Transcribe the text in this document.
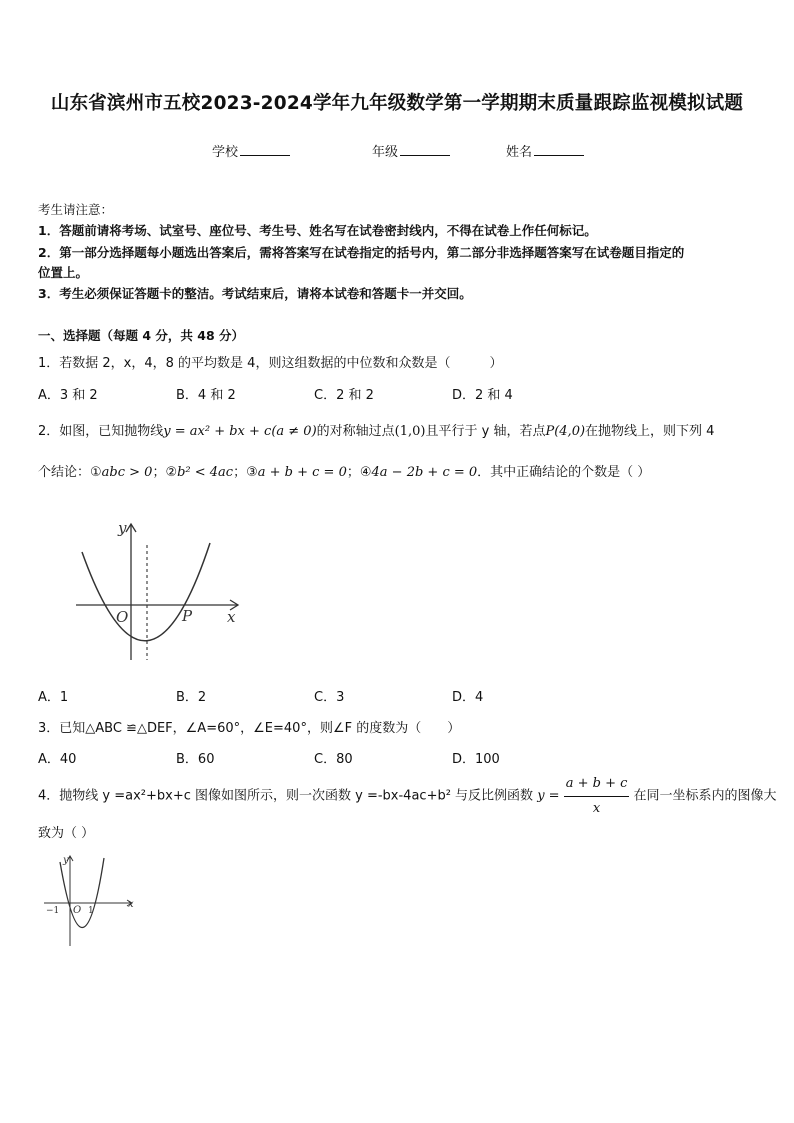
山东省滨州市五校2023-2024学年九年级数学第一学期期末质量跟踪监视模拟试题
学校	年级	姓名
考生请注意：
1．答题前请将考场、试室号、座位号、考生号、姓名写在试卷密封线内，不得在试卷上作任何标记。
2．第一部分选择题每小题选出答案后，需将答案写在试卷指定的括号内，第二部分非选择题答案写在试卷题目指定的
位置上。
3．考生必须保证答题卡的整洁。考试结束后，请将本试卷和答题卡一并交回。
一、选择题（每题 4 分，共 48 分）
1．若数据 2，x，4，8 的平均数是 4，则这组数据的中位数和众数是（　　　）
A．3 和 2	B．4 和 2	C．2 和 2	D．2 和 4
2．如图，已知抛物线y = ax² + bx + c(a ≠ 0)的对称轴过点(1,0)且平行于 y 轴，若点P(4,0)在抛物线上，则下列 4
个结论：①abc > 0；②b² < 4ac；③a + b + c = 0；④4a − 2b + c = 0．其中正确结论的个数是（ ）
y
x
O	P
A．1	B．2	C．3	D．4
3．已知△ABC ≌△DEF，∠A=60°，∠E=40°，则∠F 的度数为（　　）
A．40	B．60	C．80	D．100
4．抛物线 y =ax²+bx+c 图像如图所示，则一次函数 y =-bx-4ac+b² 与反比例函数 $y = \frac{a + b + c}{x}$ 在同一坐标系内的图像大
致为（ ）
y
x
−1 O 1
